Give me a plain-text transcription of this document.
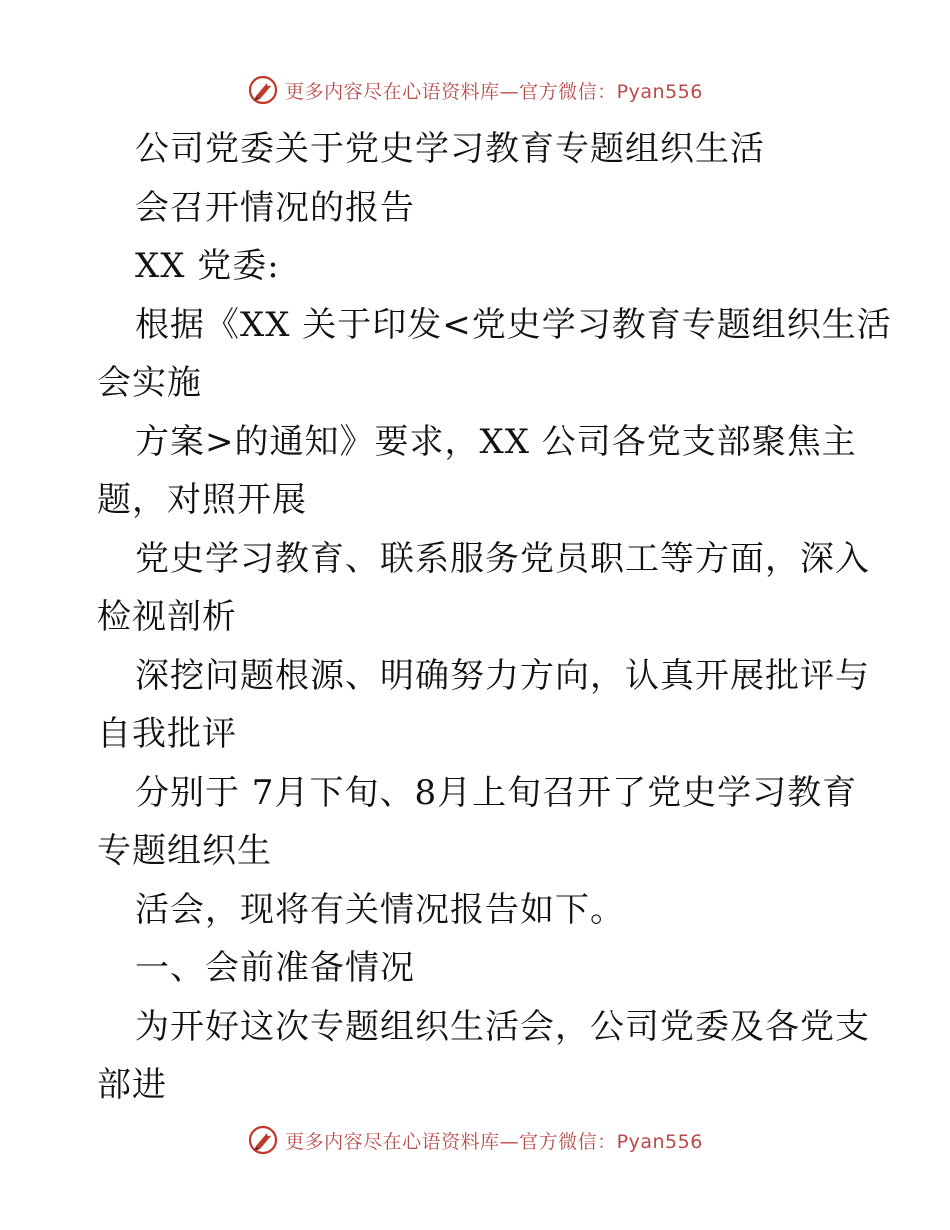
更多内容尽在心语资料库—官方微信：Pyan556
公司党委关于党史学习教育专题组织生活
会召开情况的报告
XX 党委:
根据《XX 关于印发<党史学习教育专题组织生活
会实施
方案>的通知》要求，XX 公司各党支部聚焦主
题，对照开展
党史学习教育、联系服务党员职工等方面，深入
检视剖析
深挖问题根源、明确努力方向，认真开展批评与
自我批评
分别于 7月下旬、8月上旬召开了党史学习教育
专题组织生
活会，现将有关情况报告如下。
一、会前准备情况
为开好这次专题组织生活会，公司党委及各党支
部进
更多内容尽在心语资料库—官方微信：Pyan556
